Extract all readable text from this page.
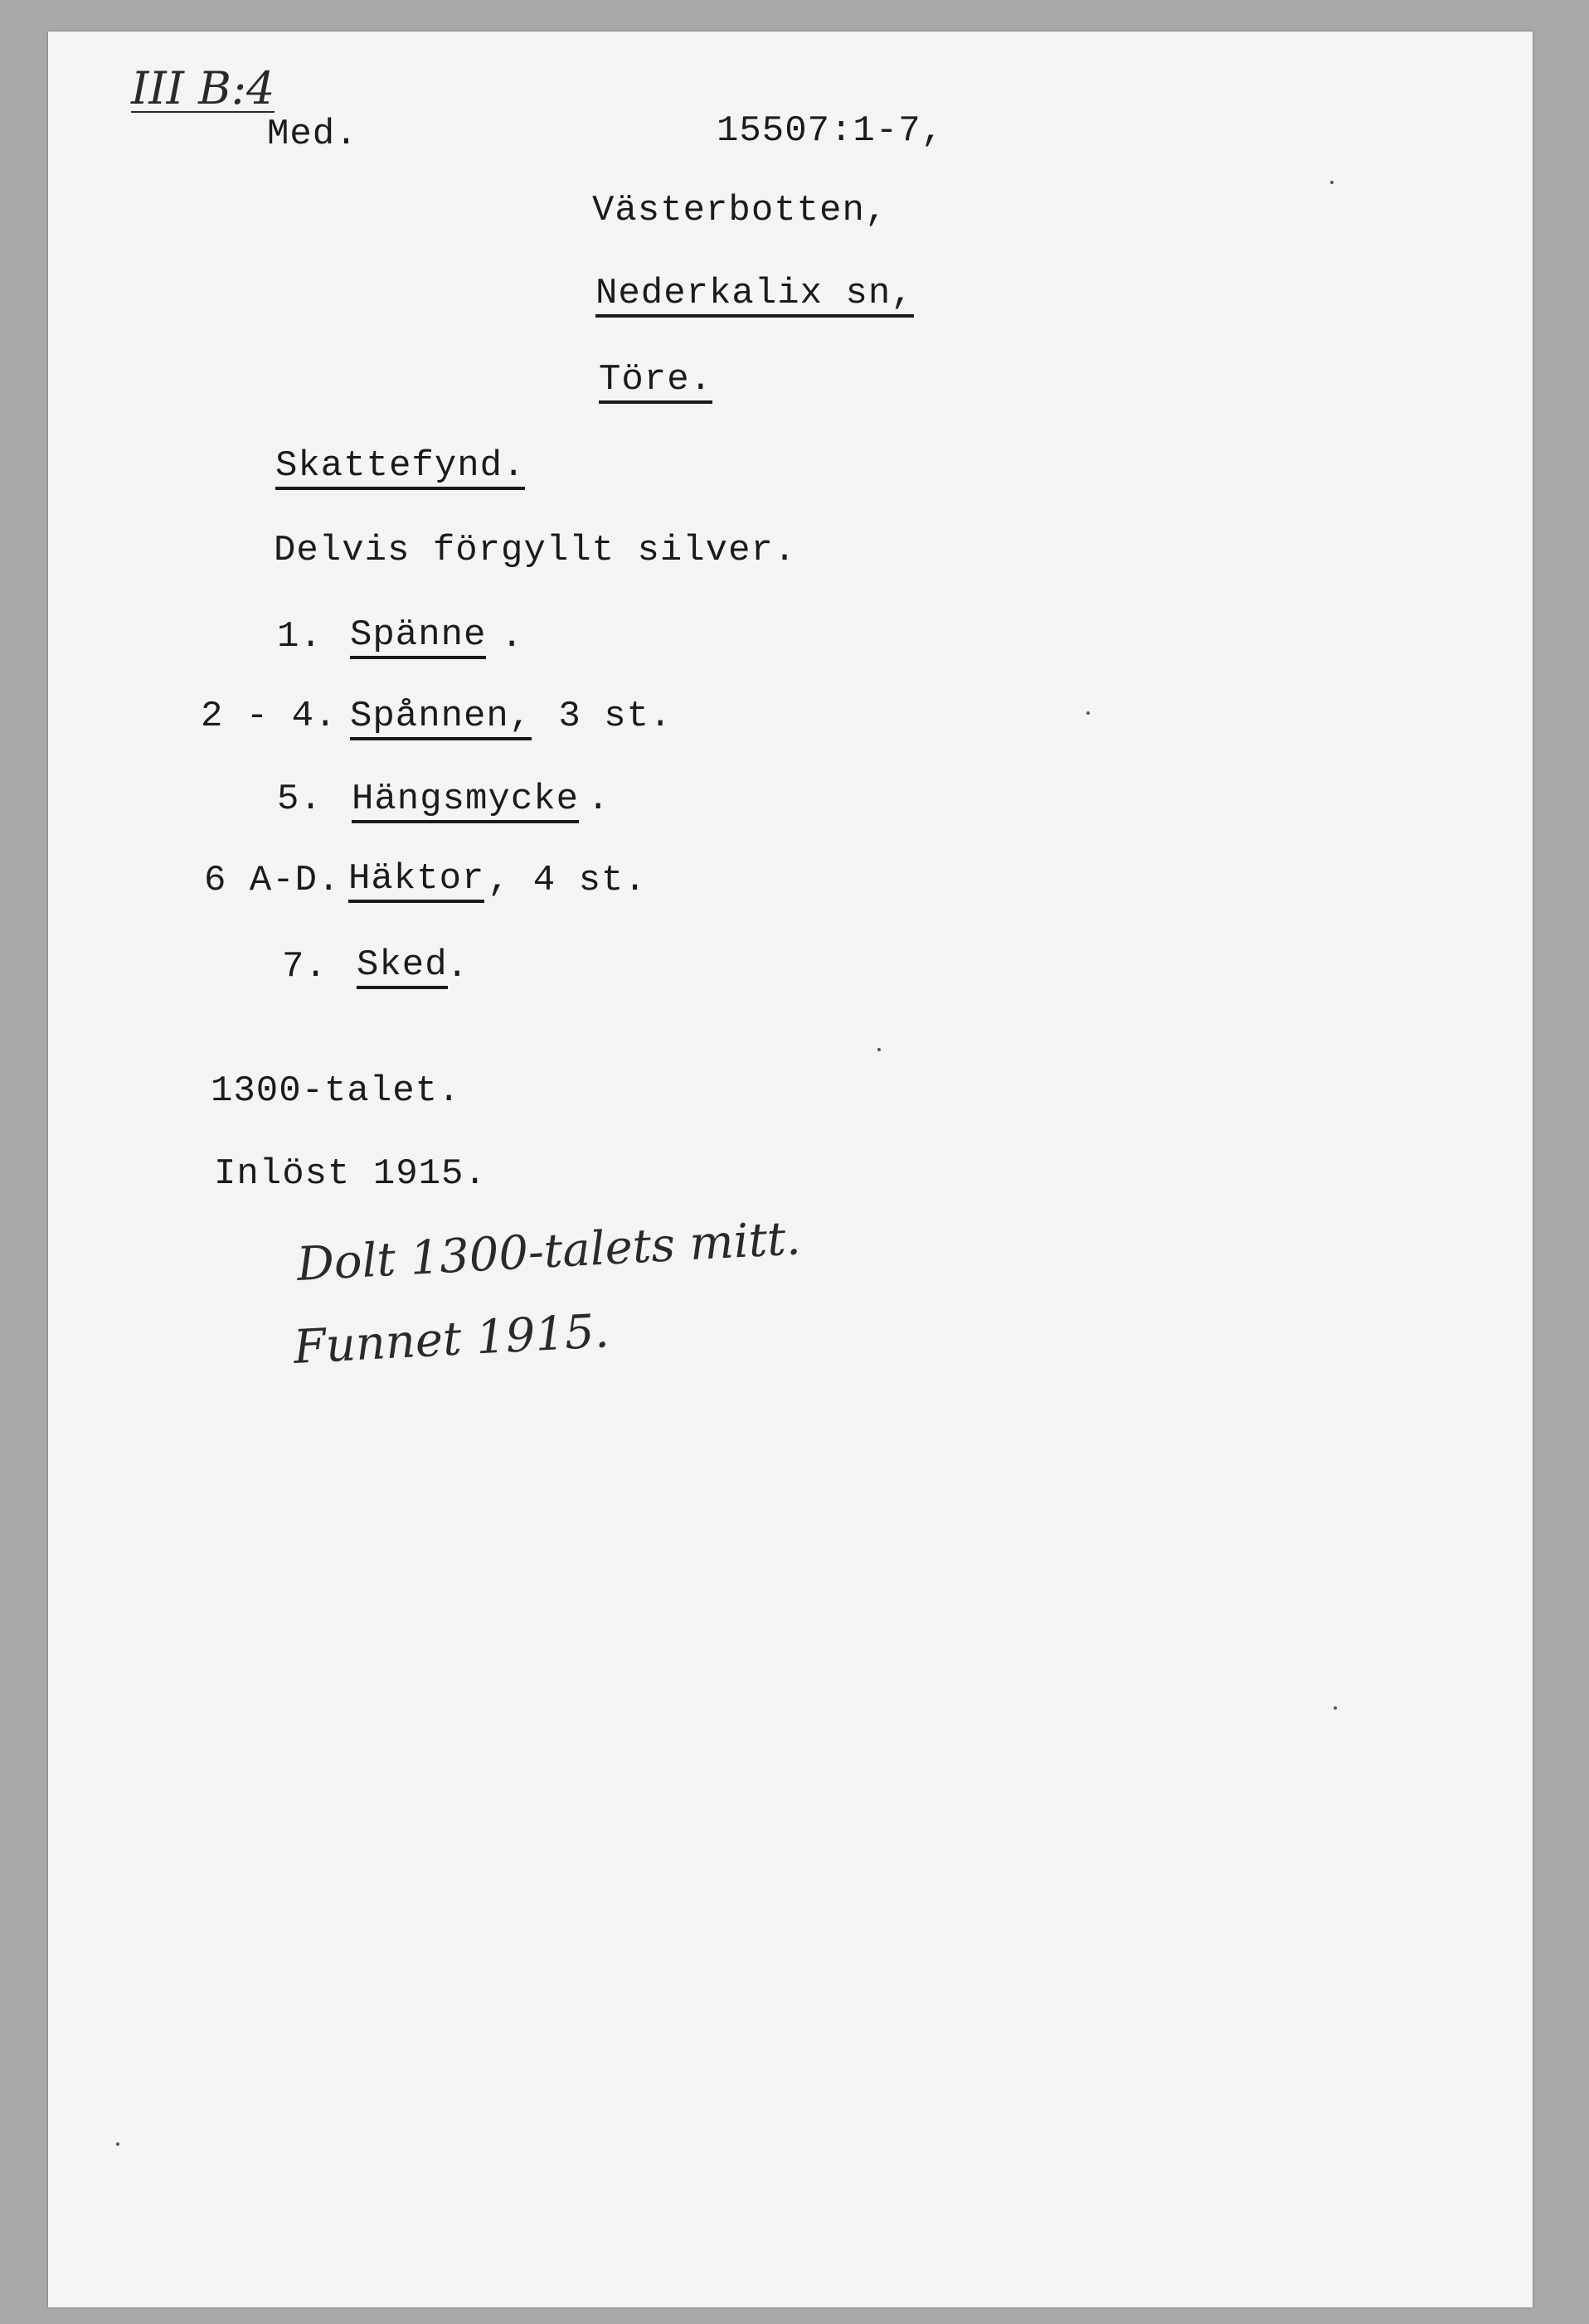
III B:4
Med.	15507:1-7,
Västerbotten,
Nederkalix sn,
Töre.
Skattefynd.
Delvis förgyllt silver.
1. Spänne .
2 - 4. Spånnen, 3 st.
5. Hängsmycke .
6 A-D. Häktor , 4 st.
7. Sked
.
1300-talet.
Inlöst 1915.
Dolt 1300-talets mitt.
Funnet 1915.
